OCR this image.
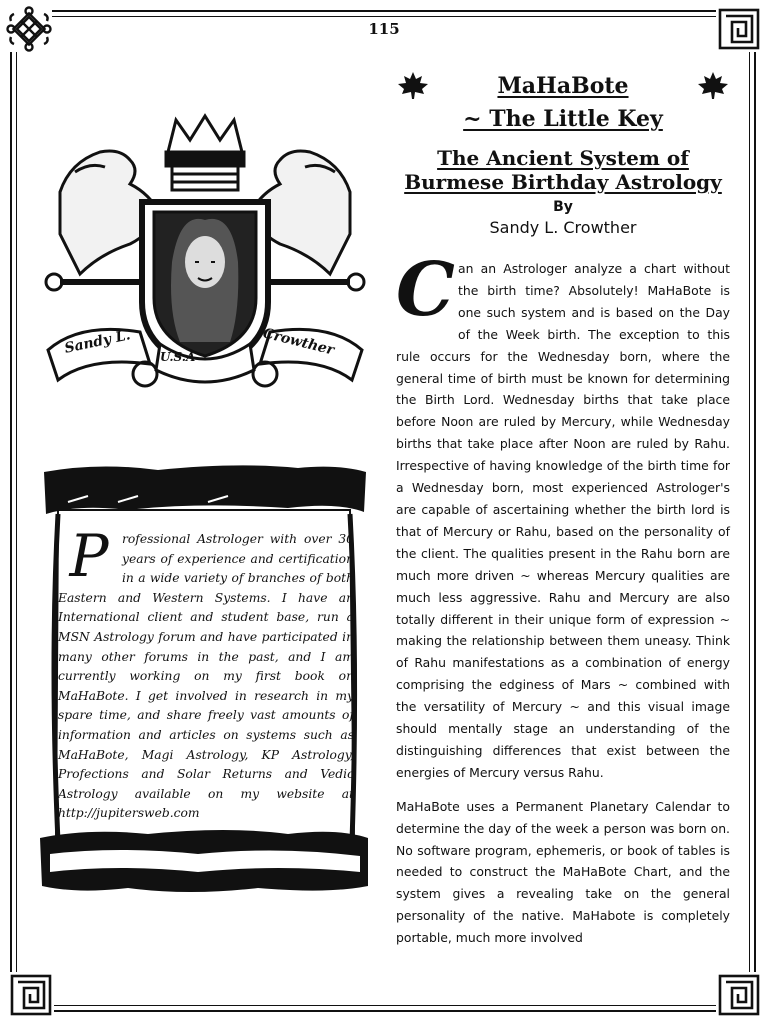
115
MaHaBote
~ The Little Key
The Ancient System of Burmese Birthday Astrology
By
Sandy L. Crowther
Sandy L.	Crowther
U.S.A

P	rofessional Astrologer with over 30 years of experience and certification in a wide variety of branches of both Eastern and Western Systems. I have an International client and student base, run a MSN Astrology forum and have participated in many other forums in the past, and I am currently working on my first book on MaHaBote. I get involved in research in my spare time, and share freely vast amounts of information and articles on systems such as MaHaBote, Magi Astrology, KP Astrology, Profections and Solar Returns and Vedic Astrology available on my website at http://jupitersweb.com

Can an Astrologer analyze a chart without the birth time? Absolutely! MaHaBote is one such system and is based on the Day of the Week birth. The exception to this rule occurs for the Wednesday born, where the general time of birth must be known for determining the Birth Lord. Wednesday births that take place before Noon are ruled by Mercury, while Wednesday births that take place after Noon are ruled by Rahu. Irrespective of having knowledge of the birth time for a Wednesday born, most experienced Astrologer's are capable of ascertaining whether the birth lord is that of Mercury or Rahu, based on the personality of the client. The qualities present in the Rahu born are much more driven ~ whereas Mercury qualities are much less aggressive. Rahu and Mercury are also totally different in their unique form of expression ~ making the relationship between them uneasy. Think of Rahu manifestations as a combination of energy comprising the edginess of Mars ~ combined with the versatility of Mercury ~ and this visual image should mentally stage an understanding of the distinguishing differences that exist between the energies of Mercury versus Rahu.

MaHaBote uses a Permanent Planetary Calendar to determine the day of the week a person was born on. No software program, ephemeris, or book of tables is needed to construct the MaHaBote Chart, and the system gives a revealing take on the general personality of the native. MaHabote is completely portable, much more involved
